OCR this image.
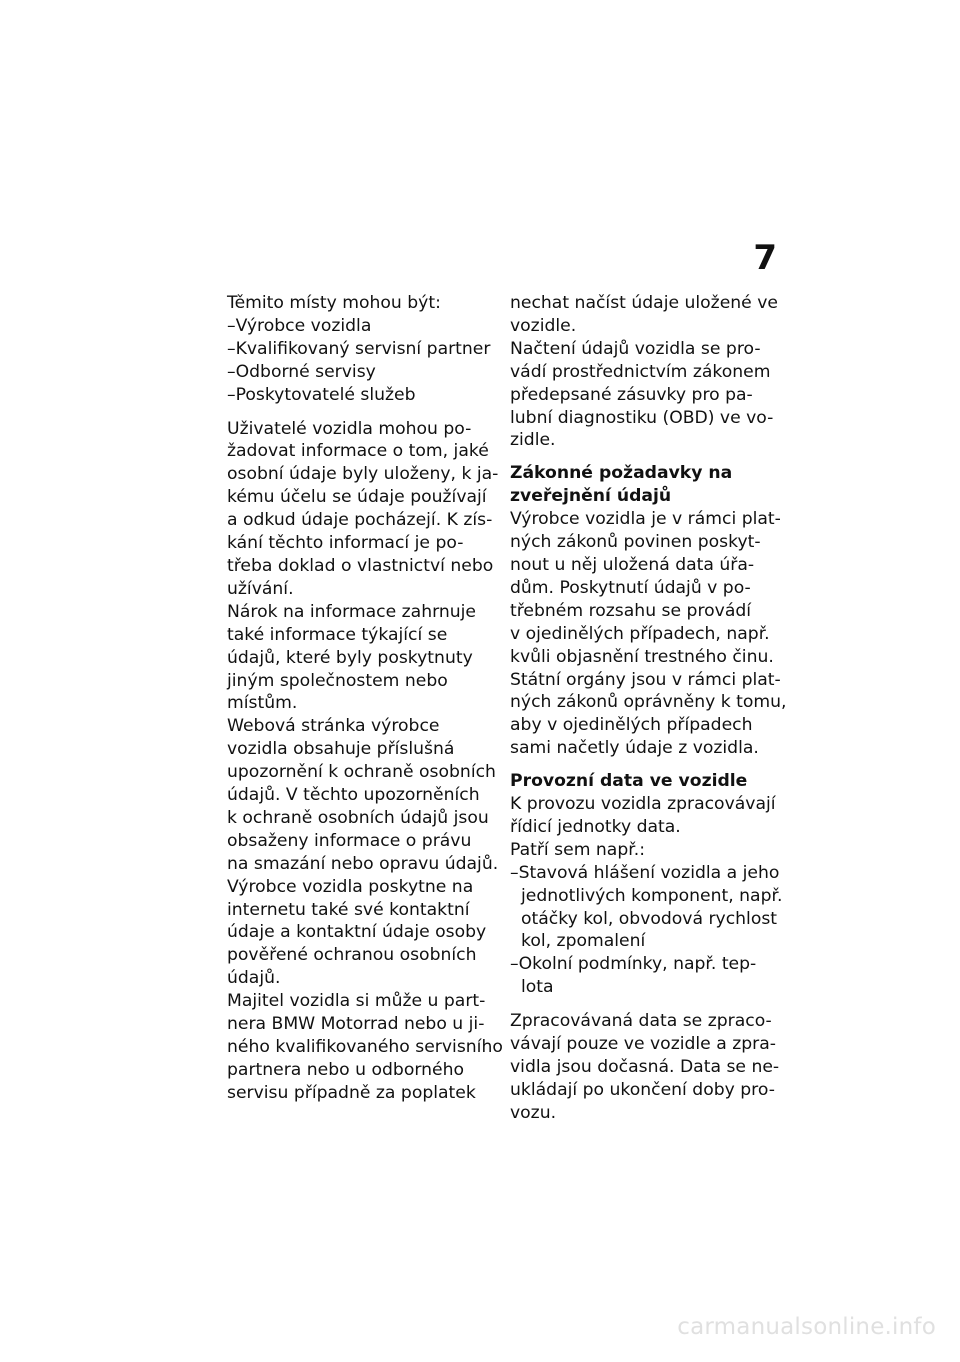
7
Těmito místy mohou být:
–Výrobce vozidla
–Kvalifikovaný servisní partner
–Odborné servisy
–Poskytovatelé služeb
Uživatelé vozidla mohou po-
žadovat informace o tom, jaké
osobní údaje byly uloženy, k ja-
kému účelu se údaje používají
a odkud údaje pocházejí. K zís-
kání těchto informací je po-
třeba doklad o vlastnictví nebo
užívání.
Nárok na informace zahrnuje
také informace týkající se
údajů, které byly poskytnuty
jiným společnostem nebo
místům.
Webová stránka výrobce
vozidla obsahuje příslušná
upozornění k ochraně osobních
údajů. V těchto upozorněních
k ochraně osobních údajů jsou
obsaženy informace o právu
na smazání nebo opravu údajů.
Výrobce vozidla poskytne na
internetu také své kontaktní
údaje a kontaktní údaje osoby
pověřené ochranou osobních
údajů.
Majitel vozidla si může u part-
nera BMW Motorrad nebo u ji-
ného kvalifikovaného servisního
partnera nebo u odborného
servisu případně za poplatek
nechat načíst údaje uložené ve
vozidle.
Načtení údajů vozidla se pro-
vádí prostřednictvím zákonem
předepsané zásuvky pro pa-
lubní diagnostiku (OBD) ve vo-
zidle.
Zákonné požadavky na
zveřejnění údajů
Výrobce vozidla je v rámci plat-
ných zákonů povinen poskyt-
nout u něj uložená data úřa-
dům. Poskytnutí údajů v po-
třebném rozsahu se provádí
v ojedinělých případech, např.
kvůli objasnění trestného činu.
Státní orgány jsou v rámci plat-
ných zákonů oprávněny k tomu,
aby v ojedinělých případech
sami načetly údaje z vozidla.
Provozní data ve vozidle
K provozu vozidla zpracovávají
řídicí jednotky data.
Patří sem např.:
–Stavová hlášení vozidla a jeho
jednotlivých komponent, např.
otáčky kol, obvodová rychlost
kol, zpomalení
–Okolní podmínky, např. tep-
lota
Zpracovávaná data se zpraco-
vávají pouze ve vozidle a zpra-
vidla jsou dočasná. Data se ne-
ukládají po ukončení doby pro-
vozu.
carmanualsonline.info
